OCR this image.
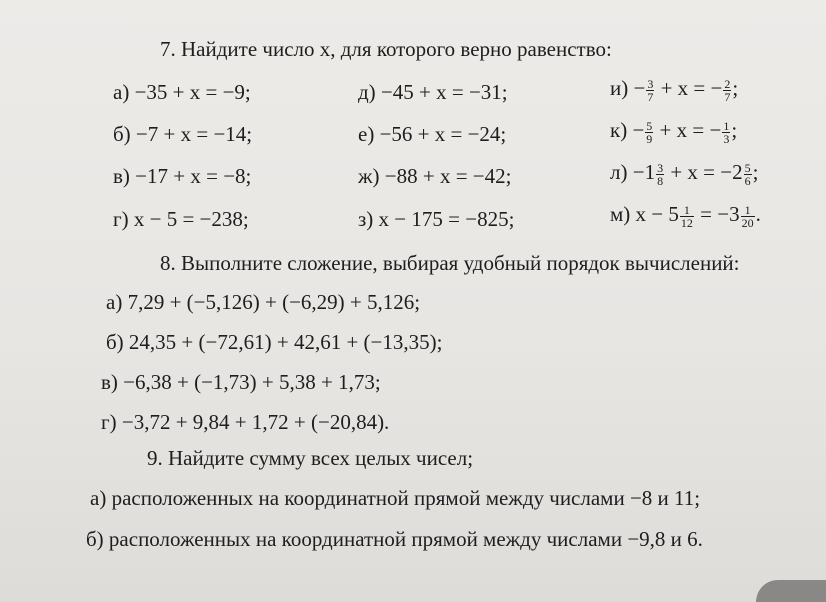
7. Найдите число x, для которого верно равенство:
а) −35 + x = −9;
б) −7 + x = −14;
в) −17 + x = −8;
г) x − 5 = −238;
д) −45 + x = −31;
е) −56 + x = −24;
ж) −88 + x = −42;
з) x − 175 = −825;
$и) - \frac{3}{7} + x$ = − $\frac{2}{7}$ ;
$к) - \frac{5}{9} + x$ = − $\frac{1}{3}$ ;
$л) -1 \frac{3}{8} + x = -2 \frac{5}{6}$ ;
м) $x - 5 \frac{1}{12} = -3 \frac{1}{20}$ .
8. Выполните сложение, выбирая удобный порядок вычислений:
а) 7,29 + (−5,126) + (−6,29) + 5,126;
б) 24,35 + (−72,61) + 42,61 + (−13,35);
в) −6,38 + (−1,73) + 5,38 + 1,73;
г) −3,72 + 9,84 + 1,72 + (−20,84).
9. Найдите сумму всех целых чисел;
а) расположенных на координатной прямой между числами −8 и 11;
б) расположенных на координатной прямой между числами −9,8 и 6.
